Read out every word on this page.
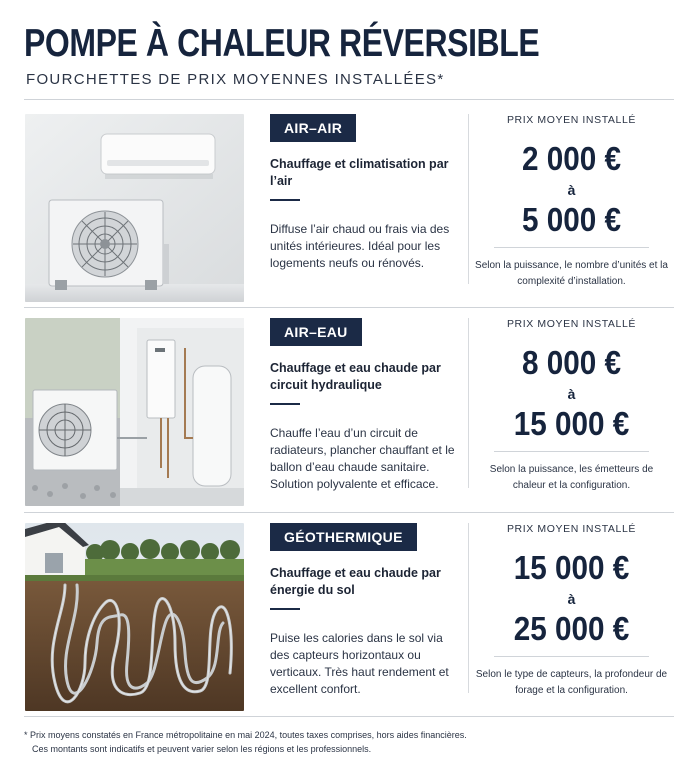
POMPE À CHALEUR RÉVERSIBLE

FOURCHETTES DE PRIX MOYENNES INSTALLÉES*

AIR–AIR

Chauffage et climatisation par l’air

Diffuse l’air chaud ou frais via des unités intérieures. Idéal pour les logements neufs ou rénovés.

PRIX MOYEN INSTALLÉ
2 000 €
à
5 000 €

Selon la puissance, le nombre d’unités et la complexité d’installation.

AIR–EAU

Chauffage et eau chaude par circuit hydraulique

Chauffe l’eau d’un circuit de radiateurs, plancher chauffant et le ballon d’eau chaude sanitaire. Solution polyvalente et efficace.

PRIX MOYEN INSTALLÉ
8 000 €
à
15 000 €

Selon la puissance, les émetteurs de chaleur et la configuration.

GÉOTHERMIQUE

Chauffage et eau chaude par énergie du sol

Puise les calories dans le sol via des capteurs horizontaux ou verticaux. Très haut rendement et excellent confort.

PRIX MOYEN INSTALLÉ
15 000 €
à
25 000 €

Selon le type de capteurs, la profondeur de forage et la configuration.

* Prix moyens constatés en France métropolitaine en mai 2024, toutes taxes comprises, hors aides financières.
Ces montants sont indicatifs et peuvent varier selon les régions et les professionnels.
